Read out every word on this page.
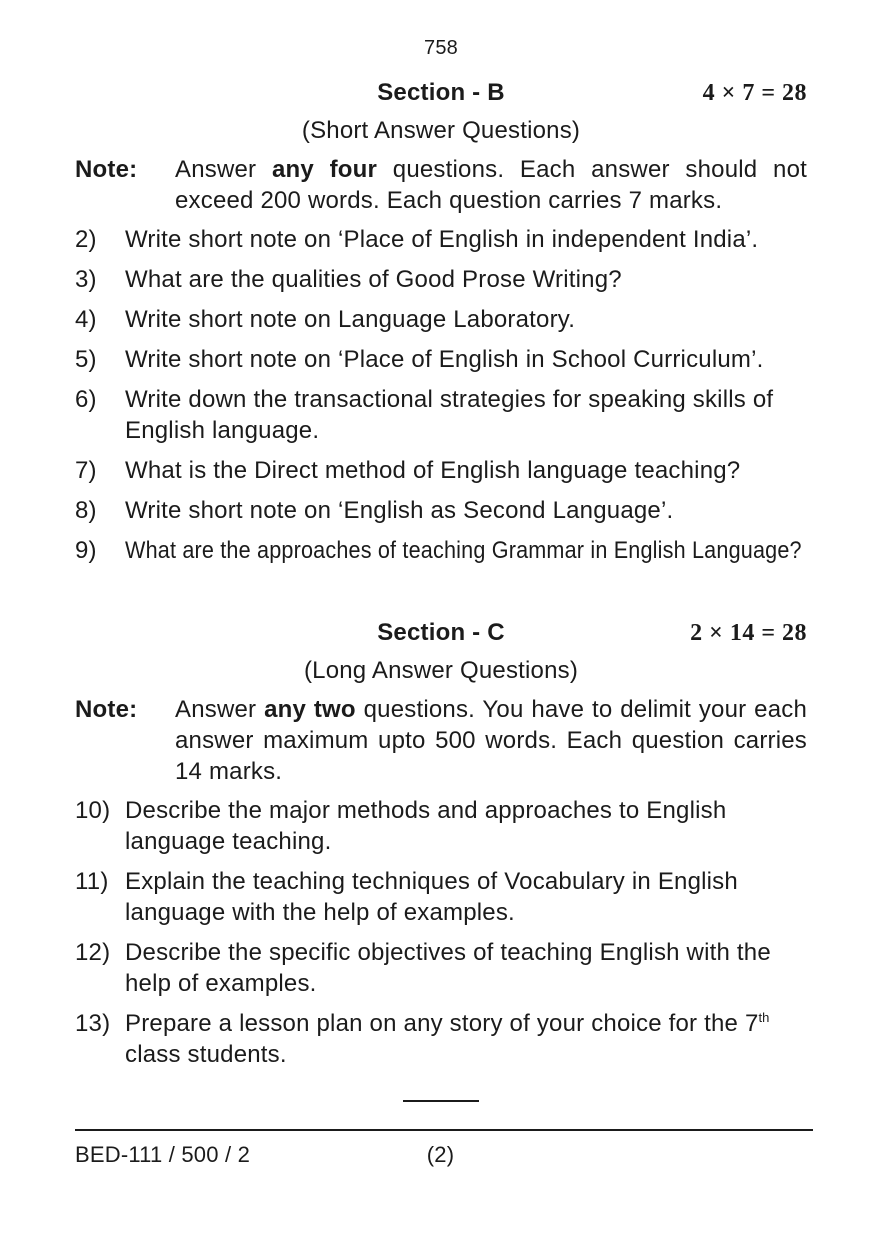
758
Section - B	4 × 7 = 28
(Short Answer Questions)
Note:	Answer any four questions. Each answer should not exceed 200 words. Each question carries 7 marks.
2)	Write short note on ‘Place of English in independent India’.
3)	What are the qualities of Good Prose Writing?
4)	Write short note on Language Laboratory.
5)	Write short note on ‘Place of English in School Curriculum’.
6)	Write down the transactional strategies for speaking skills of English language.
7)	What is the Direct method of English language teaching?
8)	Write short note on ‘English as Second Language’.
9)	What are the approaches of teaching Grammar in English Language?
Section - C	2 × 14 = 28
(Long Answer Questions)
Note:	Answer any two questions. You have to delimit your each answer maximum upto 500 words. Each question carries 14 marks.
10) Describe the major methods and approaches to English language teaching.
11) Explain the teaching techniques of Vocabulary in English language with the help of examples.
12) Describe the specific objectives of teaching English with the help of examples.
13) Prepare a lesson plan on any story of your choice for the 7th class students.
(2)
BED-111 / 500 / 2
